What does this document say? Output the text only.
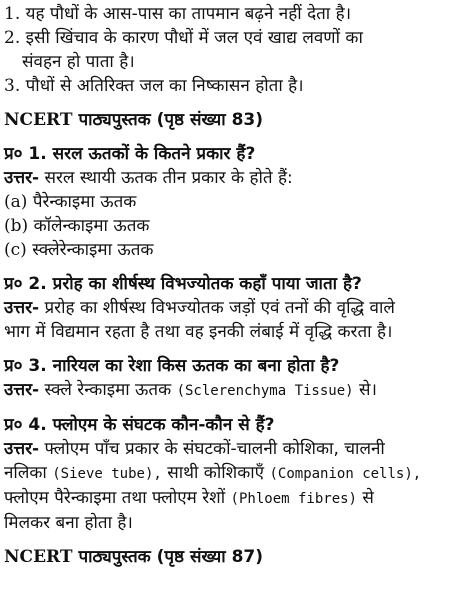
1. यह पौधों के आस-पास का तापमान बढ़ने नहीं देता है।
2. इसी खिंचाव के कारण पौधों में जल एवं खाद्य लवणों का
संवहन हो पाता है।
3. पौधों से अतिरिक्त जल का निष्कासन होता है।
NCERT पाठ्यपुस्तक (पृष्ठ संख्या 83)
प्र० 1. सरल ऊतकों के कितने प्रकार हैं?
उत्तर- सरल स्थायी ऊतक तीन प्रकार के होते हैं:
(a) पैरेन्काइमा ऊतक
(b) कॉलेन्काइमा ऊतक
(c) स्क्लेरेन्काइमा ऊतक
प्र० 2. प्ररोह का शीर्षस्थ विभज्योतक कहाँ पाया जाता है?
उत्तर- प्ररोह का शीर्षस्थ विभज्योतक जड़ों एवं तनों की वृद्धि वाले
भाग में विद्यमान रहता है तथा वह इनकी लंबाई में वृद्धि करता है।
प्र० 3. नारियल का रेशा किस ऊतक का बना होता है?
उत्तर- स्क्ले रेन्काइमा ऊतक (Sclerenchyma Tissue) से।
प्र० 4. फ्लोएम के संघटक कौन-कौन से हैं?
उत्तर- फ्लोएम पाँच प्रकार के संघटकों-चालनी कोशिका, चालनी
नलिका (Sieve tube), साथी कोशिकाएँ (Companion cells),
फ्लोएम पैरेन्काइमा तथा फ्लोएम रेशों (Phloem fibres) से
मिलकर बना होता है।
NCERT पाठ्यपुस्तक (पृष्ठ संख्या 87)
